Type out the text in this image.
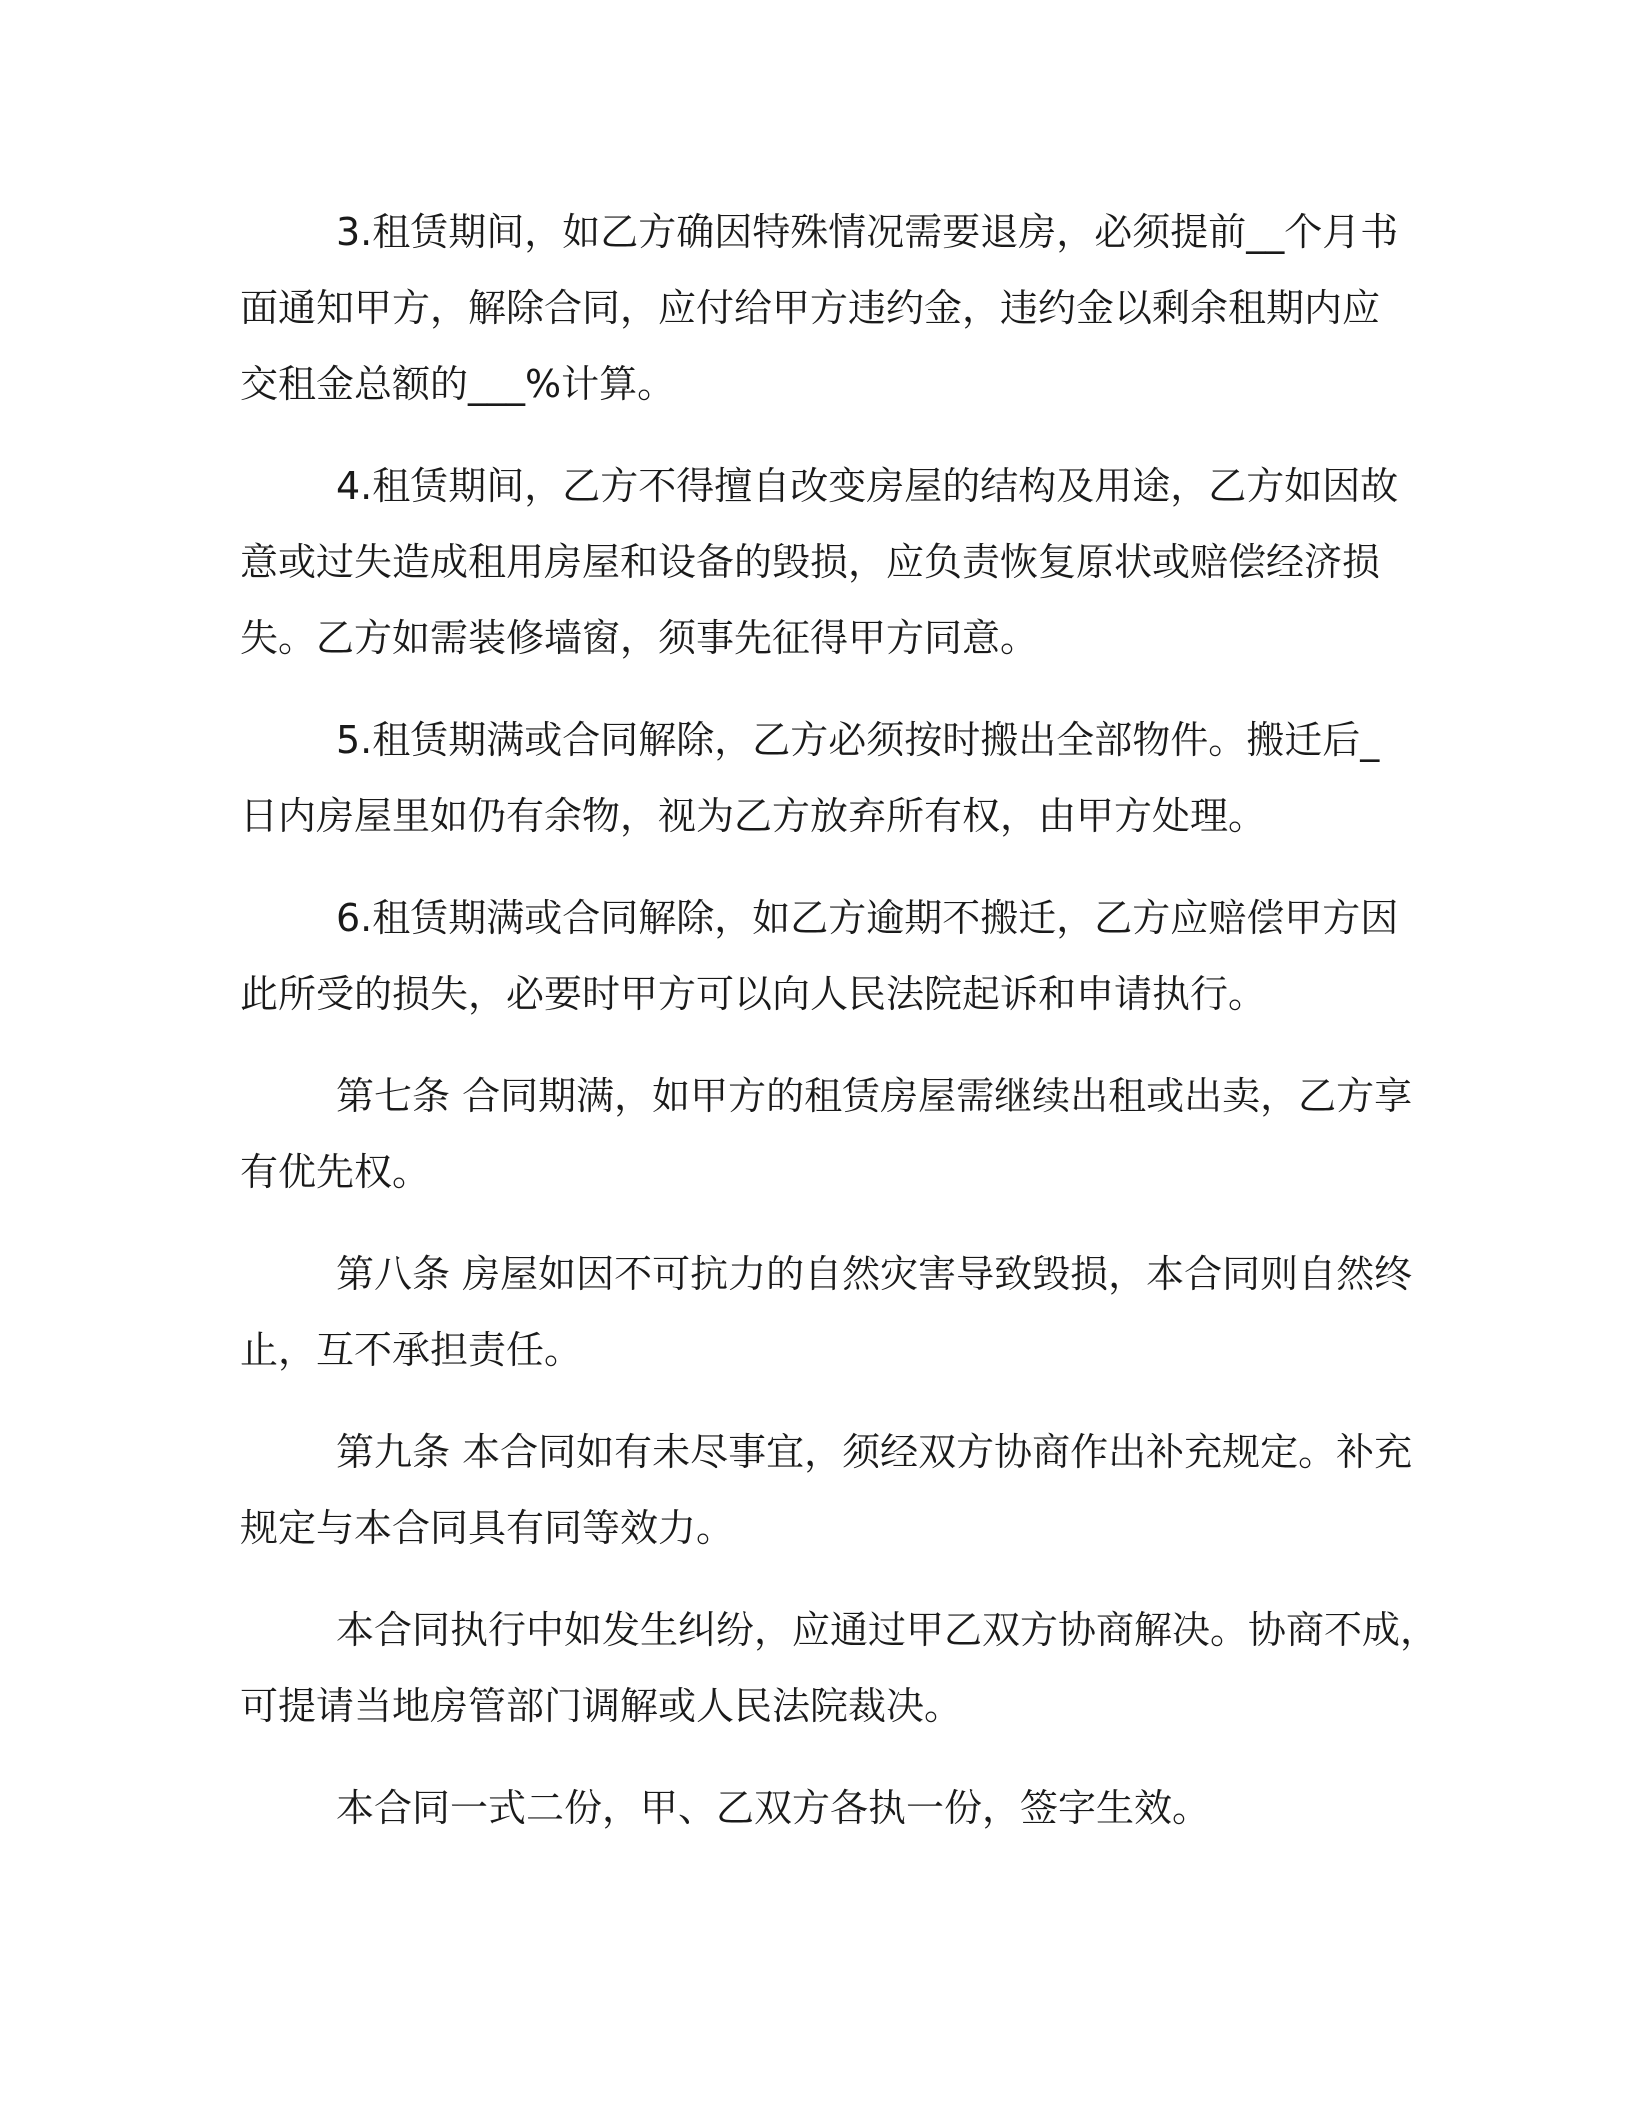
3.租赁期间，如乙方确因特殊情况需要退房，必须提前__个月书
面通知甲方，解除合同，应付给甲方违约金，违约金以剩余租期内应
交租金总额的___%计算。
4.租赁期间，乙方不得擅自改变房屋的结构及用途，乙方如因故
意或过失造成租用房屋和设备的毁损，应负责恢复原状或赔偿经济损
失。乙方如需装修墙窗，须事先征得甲方同意。
5.租赁期满或合同解除，乙方必须按时搬出全部物件。搬迁后_
日内房屋里如仍有余物，视为乙方放弃所有权，由甲方处理。
6.租赁期满或合同解除，如乙方逾期不搬迁，乙方应赔偿甲方因
此所受的损失，必要时甲方可以向人民法院起诉和申请执行。
第七条 合同期满，如甲方的租赁房屋需继续出租或出卖，乙方享
有优先权。
第八条 房屋如因不可抗力的自然灾害导致毁损，本合同则自然终
止，互不承担责任。
第九条 本合同如有未尽事宜，须经双方协商作出补充规定。补充
规定与本合同具有同等效力。
本合同执行中如发生纠纷，应通过甲乙双方协商解决。协商不成，
可提请当地房管部门调解或人民法院裁决。
本合同一式二份，甲、乙双方各执一份，签字生效。
